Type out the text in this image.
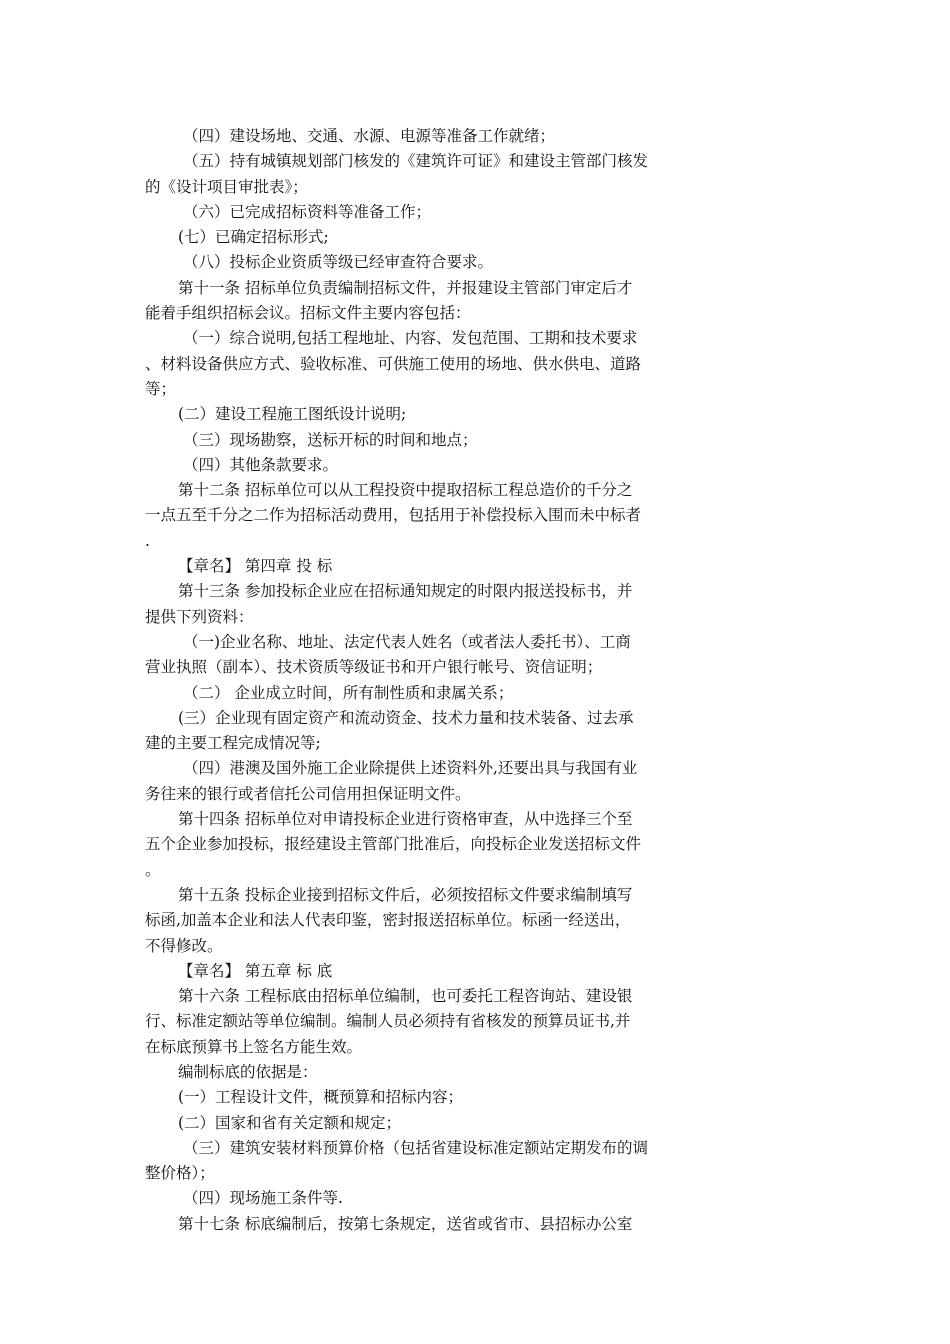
（四）建设场地、交通、水源、电源等准备工作就绪；
（五）持有城镇规划部门核发的《建筑许可证》和建设主管部门核发
的《设计项目审批表》；
（六）已完成招标资料等准备工作；
(七）已确定招标形式;
（八）投标企业资质等级已经审查符合要求。
第十一条 招标单位负责编制招标文件，并报建设主管部门审定后才
能着手组织招标会议。招标文件主要内容包括：
（一）综合说明,包括工程地址、内容、发包范围、工期和技术要求
、材料设备供应方式、验收标准、可供施工使用的场地、供水供电、道路
等；
(二）建设工程施工图纸设计说明;
（三）现场勘察，送标开标的时间和地点；
（四）其他条款要求。
第十二条 招标单位可以从工程投资中提取招标工程总造价的千分之
一点五至千分之二作为招标活动费用，包括用于补偿投标入围而未中标者
.
【章名】 第四章 投 标
第十三条 参加投标企业应在招标通知规定的时限内报送投标书，并
提供下列资料：
（一)企业名称、地址、法定代表人姓名（或者法人委托书）、工商
营业执照（副本）、技术资质等级证书和开户银行帐号、资信证明；
（二） 企业成立时间，所有制性质和隶属关系；
(三）企业现有固定资产和流动资金、技术力量和技术装备、过去承
建的主要工程完成情况等;
（四）港澳及国外施工企业除提供上述资料外,还要出具与我国有业
务往来的银行或者信托公司信用担保证明文件。
第十四条 招标单位对申请投标企业进行资格审查，从中选择三个至
五个企业参加投标，报经建设主管部门批准后，向投标企业发送招标文件
。
第十五条 投标企业接到招标文件后，必须按招标文件要求编制填写
标函,加盖本企业和法人代表印鉴，密封报送招标单位。标函一经送出，
不得修改。
【章名】 第五章 标 底
第十六条 工程标底由招标单位编制，也可委托工程咨询站、建设银
行、标准定额站等单位编制。编制人员必须持有省核发的预算员证书,并
在标底预算书上签名方能生效。
编制标底的依据是：
(一）工程设计文件，概预算和招标内容；
(二）国家和省有关定额和规定；
（三）建筑安装材料预算价格（包括省建设标准定额站定期发布的调
整价格）；
（四）现场施工条件等.
第十七条 标底编制后，按第七条规定，送省或省市、县招标办公室
